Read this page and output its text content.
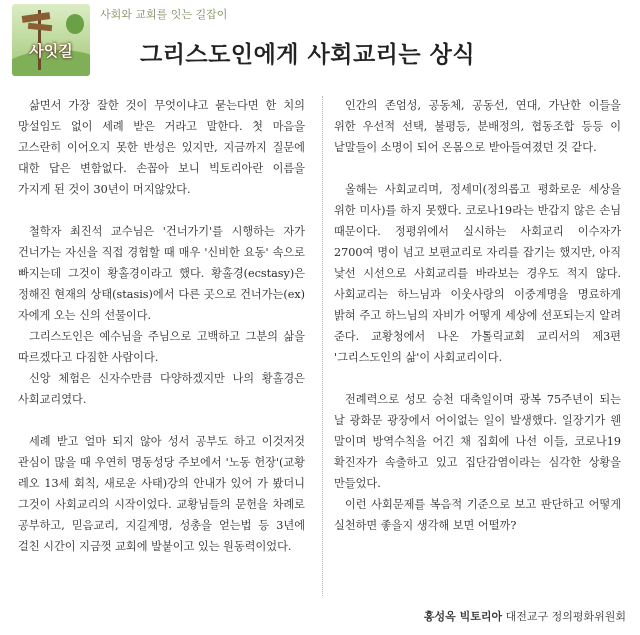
사잇길
사회와 교회를 잇는 길잡이
그리스도인에게 사회교리는 상식

삶면서 가장 잘한 것이 무엇이냐고 묻는다면 한 치의 망설임도 없이 세례 받은 거라고 말한다. 첫 마음을 고스란히 이어오지 못한 반성은 있지만, 지금까지 질문에 대한 답은 변함없다. 손꼽아 보니 빅토리아란 이름을 가지게 된 것이 30년이 머지않았다.

철학자 최진석 교수님은 '건너가기'를 시행하는 자가 건너가는 자신을 직접 경험할 때 매우 '신비한 요동' 속으로 빠지는데 그것이 황홀경이라고 했다. 황홀경(ecstasy)은 정해진 현재의 상태(stasis)에서 다른 곳으로 건너가는(ex) 자에게 오는 신의 선물이다.

그리스도인은 예수님을 주님으로 고백하고 그분의 삶을 따르겠다고 다짐한 사람이다.

신앙 체험은 신자수만큼 다양하겠지만 나의 황홀경은 사회교리였다.

세례 받고 얼마 되지 않아 성서 공부도 하고 이것저것 관심이 많을 때 우연히 명동성당 주보에서 '노동 헌장'(교황 레오 13세 회칙, 새로운 사태)강의 안내가 있어 가 봤더니 그것이 사회교리의 시작이었다. 교황님들의 문헌을 차례로 공부하고, 믿음교리, 지길계명, 성총을 얻는법 등 3년에 걸친 시간이 지금껏 교회에 발붙이고 있는 원동력이었다.

인간의 존엄성, 공동체, 공동선, 연대, 가난한 이들을 위한 우선적 선택, 불평등, 분배정의, 협동조합 등등 이 낱말들이 소명이 되어 온몸으로 받아들여졌던 것 같다.

올해는 사회교리며, 정세미(정의롭고 평화로운 세상을 위한 미사)를 하지 못했다. 코로나19라는 반갑지 않은 손님 때문이다. 정평위에서 실시하는 사회교리 이수자가 2700여 명이 넘고 보편교리로 자리를 잡기는 했지만, 아직 낯선 시선으로 사회교리를 바라보는 경우도 적지 않다. 사회교리는 하느님과 이웃사랑의 이중계명을 명료하게 밝혀 주고 하느님의 자비가 어떻게 세상에 선포되는지 알려 준다. 교황청에서 나온 가톨릭교회 교리서의 제3편 '그리스도인의 삶'이 사회교리이다.

전례력으로 성모 승천 대축일이며 광복 75주년이 되는 날 광화문 광장에서 어이없는 일이 발생했다. 일장기가 웬 말이며 방역수칙을 어긴 채 집회에 나선 이들, 코로나19 확진자가 속출하고 있고 집단감염이라는 심각한 상황을 만들었다.

이런 사회문제를 복음적 기준으로 보고 판단하고 어떻게 실천하면 좋을지 생각해 보면 어떨까?

홍성옥 빅토리아 대전교구 정의평화위원회
